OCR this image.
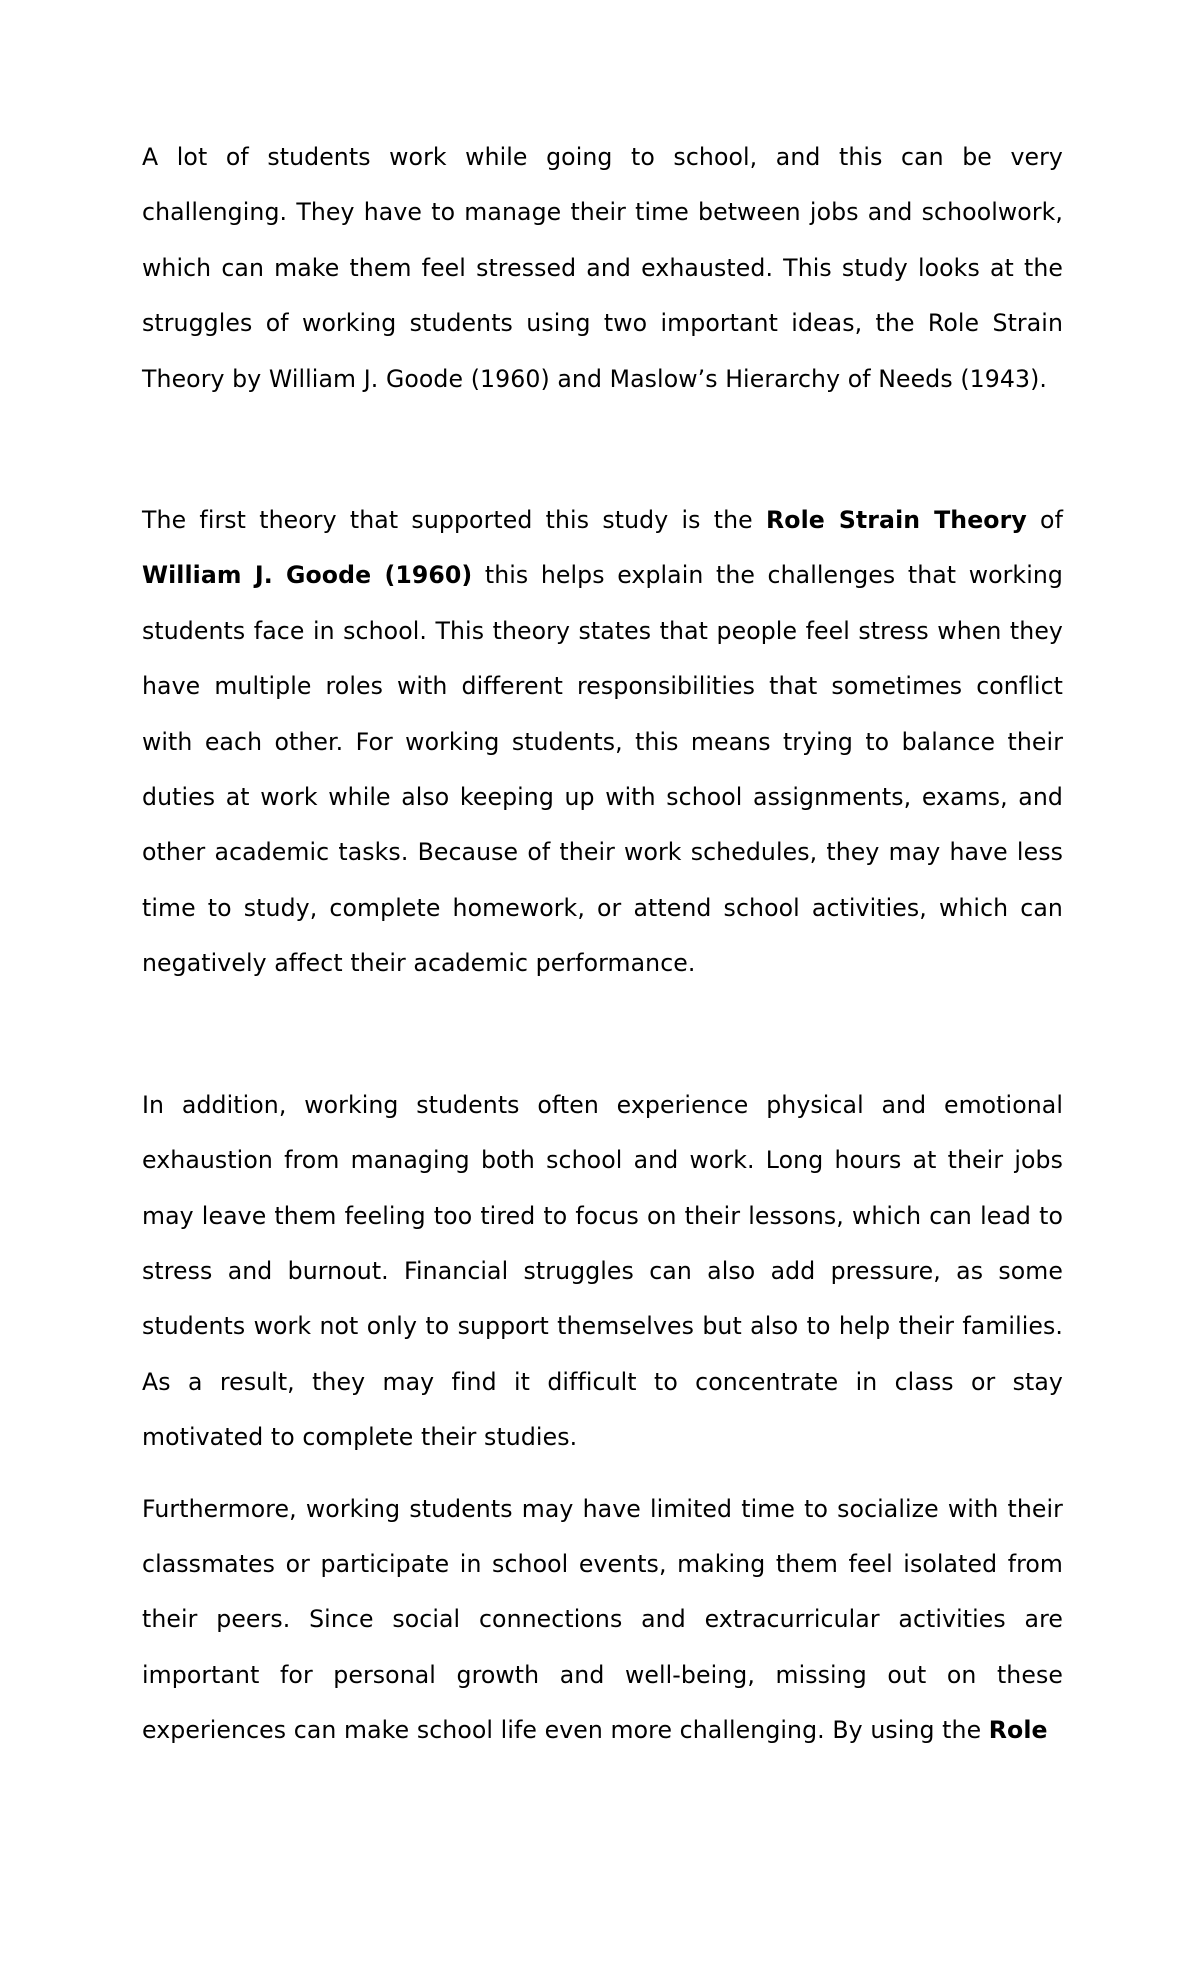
A lot of students work while going to school, and this can be very challenging. They have to manage their time between jobs and schoolwork, which can make them feel stressed and exhausted. This study looks at the struggles of working students using two important ideas, the Role Strain Theory by William J. Goode (1960) and Maslow’s Hierarchy of Needs (1943).

The first theory that supported this study is the Role Strain Theory of William J. Goode (1960) this helps explain the challenges that working students face in school. This theory states that people feel stress when they have multiple roles with different responsibilities that sometimes conflict with each other. For working students, this means trying to balance their duties at work while also keeping up with school assignments, exams, and other academic tasks. Because of their work schedules, they may have less time to study, complete homework, or attend school activities, which can negatively affect their academic performance.

In addition, working students often experience physical and emotional exhaustion from managing both school and work. Long hours at their jobs may leave them feeling too tired to focus on their lessons, which can lead to stress and burnout. Financial struggles can also add pressure, as some students work not only to support themselves but also to help their families. As a result, they may find it difficult to concentrate in class or stay motivated to complete their studies.

Furthermore, working students may have limited time to socialize with their classmates or participate in school events, making them feel isolated from their peers. Since social connections and extracurricular activities are important for personal growth and well-being, missing out on these experiences can make school life even more challenging. By using the Role
